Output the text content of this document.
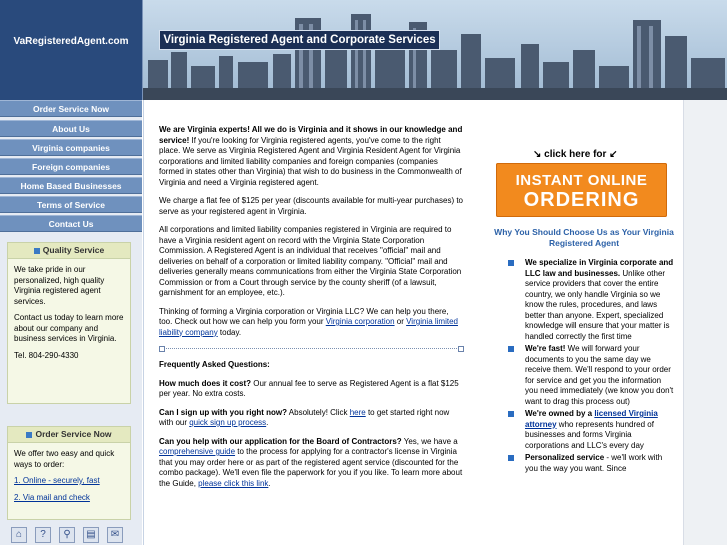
VaRegisteredAgent.com	Virginia Registered Agent and Corporate Services
Order Service Now
About Us
Virginia companies
Foreign companies
Home Based Businesses
Terms of Service
Contact Us
Quality Service

We take pride in our personalized, high quality Virginia registered agent services.

Contact us today to learn more about our company and business services in Virginia.

Tel. 804-290-4330

Order Service Now

We offer two easy and quick ways to order:

1. Online - securely, fast

2. Via mail and check

⌂	?	⚲	▤	✉

We are Virginia experts! All we do is Virginia and it shows in our knowledge and service! If you're looking for Virginia registered agents, you've come to the right place. We serve as Virginia Registered Agent and Virginia Resident Agent for Virginia corporations and limited liability companies and foreign companies (companies formed in states other than Virginia) that wish to do business in the Commonwealth of Virginia and need a Virginia registered agent.

We charge a flat fee of $125 per year (discounts available for multi-year purchases) to serve as your registered agent in Virginia.

All corporations and limited liability companies registered in Virginia are required to have a Virginia resident agent on record with the Virginia State Corporation Commission. A Registered Agent is an individual that receives "official" mail and deliveries on behalf of a corporation or limited liability company. "Official" mail and deliveries generally means communications from either the Virginia State Corporation Commission or from a Court through service by the county sheriff (of a lawsuit, garnishment for an employee, etc.).

Thinking of forming a Virginia corporation or Virginia LLC? We can help you there, too. Check out how we can help you form your Virginia corporation or Virginia limited liability company today.

Frequently Asked Questions:

How much does it cost? Our annual fee to serve as Registered Agent is a flat $125 per year. No extra costs.

Can I sign up with you right now? Absolutely! Click here to get started right now with our quick sign up process.

Can you help with our application for the Board of Contractors? Yes, we have a comprehensive guide to the process for applying for a contractor's license in Virginia that you may order here or as part of the registered agent service (discounted for the combo package). We'll even file the paperwork for you if you like. To learn more about the Guide, please click this link.

↘ click here for ↙
INSTANT ONLINE
ORDERING
Why You Should Choose Us as Your Virginia Registered Agent
We specialize in Virginia corporate and LLC law and businesses. Unlike other service providers that cover the entire country, we only handle Virginia so we know the rules, procedures, and laws better than anyone. Expert, specialized knowledge will ensure that your matter is handled correctly the first time
We're fast! We will forward your documents to you the same day we receive them. We'll respond to your order for service and get you the information you need immediately (we know you don't want to drag this process out)
We're owned by a licensed Virginia attorney who represents hundred of businesses and forms Virginia corporations and LLC's every day
Personalized service - we'll work with you the way you want. Since
